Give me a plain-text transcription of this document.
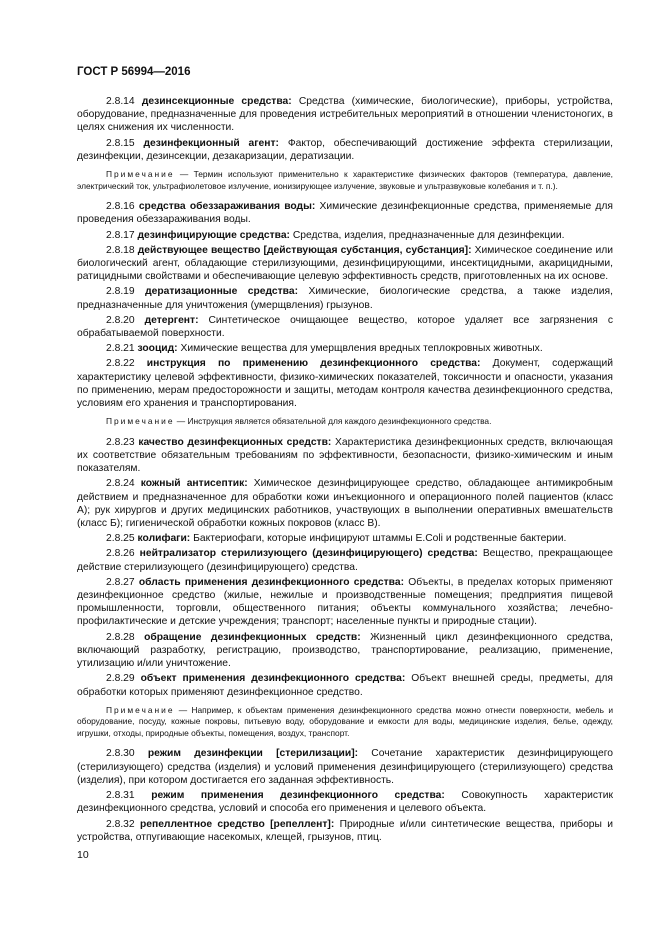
ГОСТ Р 56994—2016

2.8.14 дезинсекционные средства: Средства (химические, биологические), приборы, устройства, оборудование, предназначенные для проведения истребительных мероприятий в отношении членистоногих, в целях снижения их численности.

2.8.15 дезинфекционный агент: Фактор, обеспечивающий достижение эффекта стерилизации, дезинфекции, дезинсекции, дезакаризации, дератизации.

Примечание — Термин используют применительно к характеристике физических факторов (температура, давление, электрический ток, ультрафиолетовое излучение, ионизирующее излучение, звуковые и ультразвуковые колебания и т. п.).

2.8.16 средства обеззараживания воды: Химические дезинфекционные средства, применяемые для проведения обеззараживания воды.

2.8.17 дезинфицирующие средства: Средства, изделия, предназначенные для дезинфекции.

2.8.18 действующее вещество [действующая субстанция, субстанция]: Химическое соединение или биологический агент, обладающие стерилизующими, дезинфицирующими, инсектицидными, акарицидными, ратицидными свойствами и обеспечивающие целевую эффективность средств, приготовленных на их основе.

2.8.19 дератизационные средства: Химические, биологические средства, а также изделия, предназначенные для уничтожения (умерщвления) грызунов.

2.8.20 детергент: Синтетическое очищающее вещество, которое удаляет все загрязнения с обрабатываемой поверхности.

2.8.21 зооцид: Химические вещества для умерщвления вредных теплокровных животных.

2.8.22 инструкция по применению дезинфекционного средства: Документ, содержащий характеристику целевой эффективности, физико-химических показателей, токсичности и опасности, указания по применению, мерам предосторожности и защиты, методам контроля качества дезинфекционного средства, условиям его хранения и транспортирования.

Примечание — Инструкция является обязательной для каждого дезинфекционного средства.

2.8.23 качество дезинфекционных средств: Характеристика дезинфекционных средств, включающая их соответствие обязательным требованиям по эффективности, безопасности, физико-химическим и иным показателям.

2.8.24 кожный антисептик: Химическое дезинфицирующее средство, обладающее антимикробным действием и предназначенное для обработки кожи инъекционного и операционного полей пациентов (класс А); рук хирургов и других медицинских работников, участвующих в выполнении оперативных вмешательств (класс Б); гигиенической обработки кожных покровов (класс В).

2.8.25 колифаги: Бактериофаги, которые инфицируют штаммы E.Coli и родственные бактерии.

2.8.26 нейтрализатор стерилизующего (дезинфицирующего) средства: Вещество, прекращающее действие стерилизующего (дезинфицирующего) средства.

2.8.27 область применения дезинфекционного средства: Объекты, в пределах которых применяют дезинфекционное средство (жилые, нежилые и производственные помещения; предприятия пищевой промышленности, торговли, общественного питания; объекты коммунального хозяйства; лечебно-профилактические и детские учреждения; транспорт; населенные пункты и природные стации).

2.8.28 обращение дезинфекционных средств: Жизненный цикл дезинфекционного средства, включающий разработку, регистрацию, производство, транспортирование, реализацию, применение, утилизацию и/или уничтожение.

2.8.29 объект применения дезинфекционного средства: Объект внешней среды, предметы, для обработки которых применяют дезинфекционное средство.

Примечание — Например, к объектам применения дезинфекционного средства можно отнести поверхности, мебель и оборудование, посуду, кожные покровы, питьевую воду, оборудование и емкости для воды, медицинские изделия, белье, одежду, игрушки, отходы, природные объекты, помещения, воздух, транспорт.

2.8.30 режим дезинфекции [стерилизации]: Сочетание характеристик дезинфицирующего (стерилизующего) средства (изделия) и условий применения дезинфицирующего (стерилизующего) средства (изделия), при котором достигается его заданная эффективность.

2.8.31 режим применения дезинфекционного средства: Совокупность характеристик дезинфекционного средства, условий и способа его применения и целевого объекта.

2.8.32 репеллентное средство [репеллент]: Природные и/или синтетические вещества, приборы и устройства, отпугивающие насекомых, клещей, грызунов, птиц.

10
